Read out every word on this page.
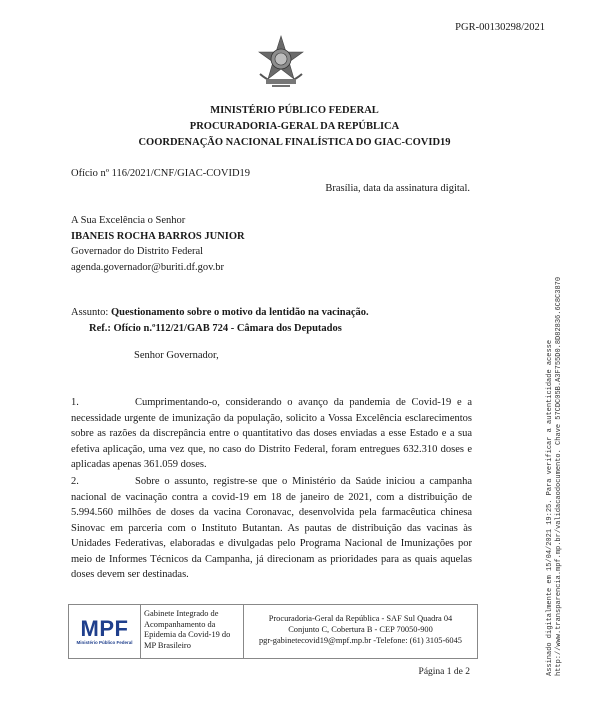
PGR-00130298/2021
MINISTÉRIO PÚBLICO FEDERAL
PROCURADORIA-GERAL DA REPÚBLICA
COORDENAÇÃO NACIONAL FINALÍSTICA DO GIAC-COVID19
Ofício nº 116/2021/CNF/GIAC-COVID19
Brasília, data da assinatura digital.
A Sua Excelência o Senhor
IBANEIS ROCHA BARROS JUNIOR
Governador do Distrito Federal
agenda.governador@buriti.df.gov.br
Assunto: Questionamento sobre o motivo da lentidão na vacinação.
Ref.: Ofício n.º112/21/GAB 724 - Câmara dos Deputados
Senhor Governador,
1.	Cumprimentando-o, considerando o avanço da pandemia de Covid-19 e a necessidade urgente de imunização da população, solicito a Vossa Excelência esclarecimentos sobre as razões da discrepância entre o quantitativo das doses enviadas a esse Estado e a sua efetiva aplicação, uma vez que, no caso do Distrito Federal, foram entregues 632.310 doses e aplicadas apenas 361.059 doses.
2.	Sobre o assunto, registre-se que o Ministério da Saúde iniciou a campanha nacional de vacinação contra a covid-19 em 18 de janeiro de 2021, com a distribuição de 5.994.560 milhões de doses da vacina Coronavac, desenvolvida pela farmacêutica chinesa Sinovac em parceria com o Instituto Butantan. As pautas de distribuição das vacinas às Unidades Federativas, elaboradas e divulgadas pelo Programa Nacional de Imunizações por meio de Informes Técnicos da Campanha, já direcionam as prioridades para as quais aquelas doses devem ser destinadas.
MPF
Ministério Público Federal
Gabinete Integrado de Acompanhamento da Epidemia da Covid-19 do MP Brasileiro
Procuradoria-Geral da República - SAF Sul Quadra 04
Conjunto C, Cobertura B - CEP 70050-900
pgr-gabinetecovid19@mpf.mp.br -Telefone: (61) 3105-6045
Página 1 de 2	Assinado digitalmente em 15/04/2021 19:25. Para verificar a autenticidade acesse http://www.transparencia.mpf.mp.br/validacaodocumento. Chave 57CDC05B.A3F755D0.8D82836.6C8C3870
